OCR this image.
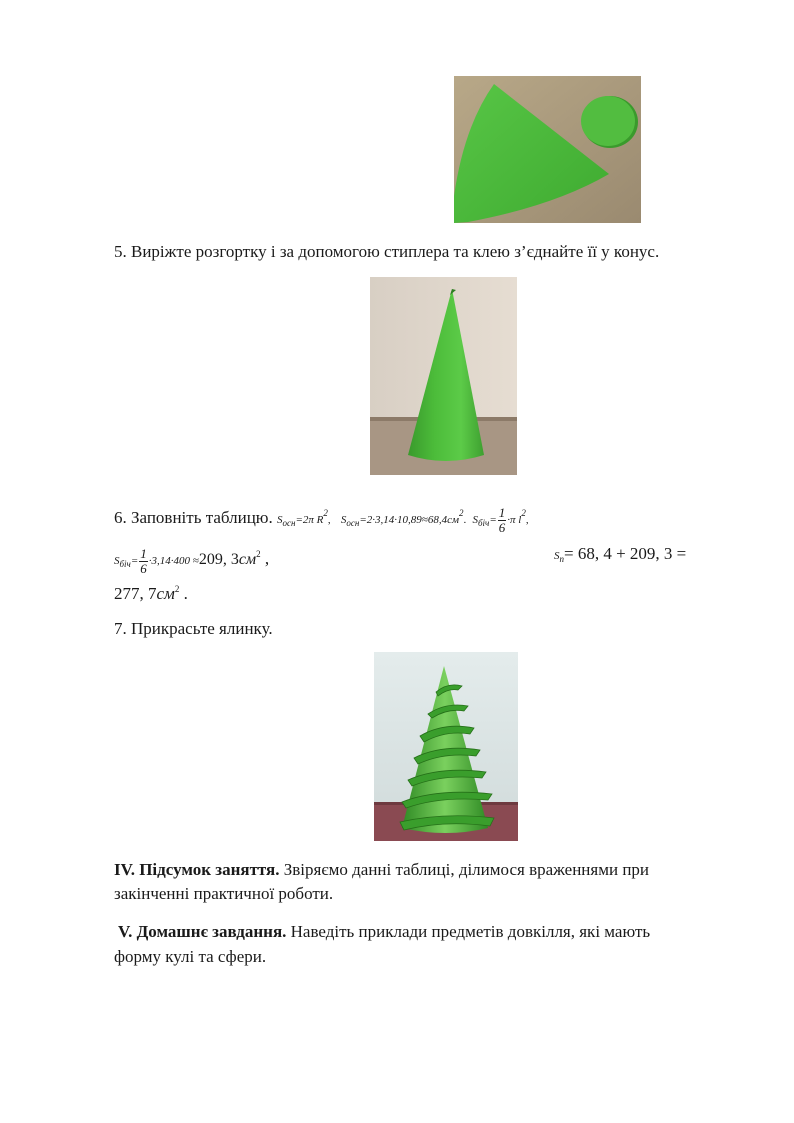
5. Виріжте розгортку і за допомогою стиплера та клею з’єднайте її у конус.
6. Заповніть таблицю. $S_{осн}=2\pi$ $R^2$, $S_{осн}=2\cdot 3,14\cdot 10,89\approx 68,4см^2$. $S_{біч}= \frac{1}{6} \cdot\pi$ $l^2$,
$S_{біч}= \frac{1}{6} \cdot 3,14\cdot 400 \approx 209$, $3см^2$ ,	$S_п= 68$, 4 + 209, 3 =
277, $7см^2$ .
7. Прикрасьте ялинку.
IV. Підсумок заняття. Звіряємо данні таблиці, ділимося враженнями при
закінченні практичної роботи.
V. Домашнє завдання. Наведіть приклади предметів довкілля, які мають
форму кулі та сфери.
